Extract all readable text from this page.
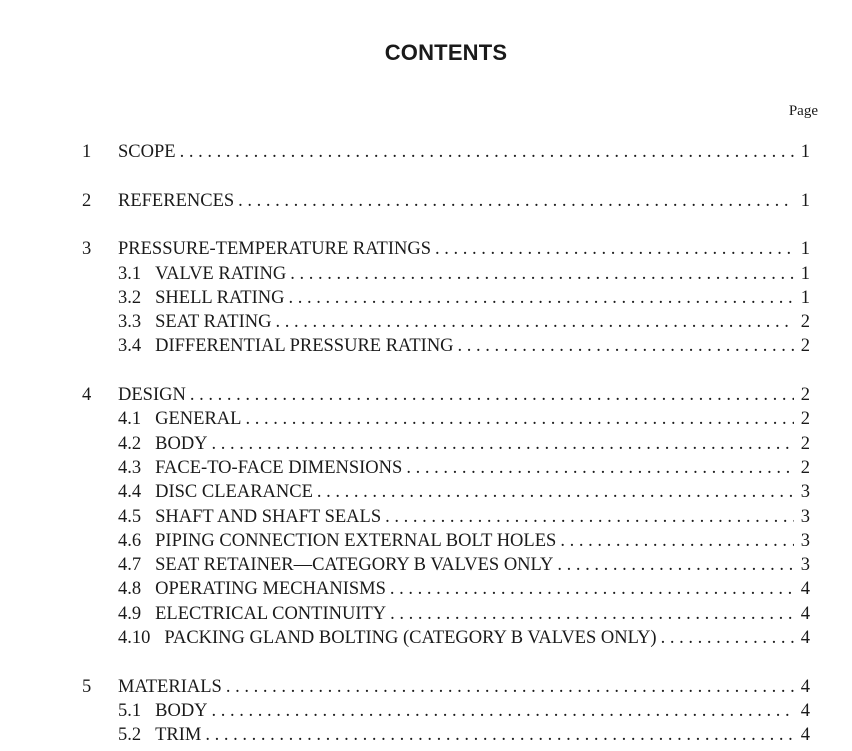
CONTENTS
Page
1 SCOPE . . .	1
2 REFERENCES . . .	1
3 PRESSURE-TEMPERATURE RATINGS . . .	1
3.1 VALVE RATING . . .	1
3.2 SHELL RATING . . .	1
3.3 SEAT RATING . . .	2
3.4 DIFFERENTIAL PRESSURE RATING . . .	2
4 DESIGN . . .	2
4.1 GENERAL . . .	2
4.2 BODY . . .	2
4.3 FACE-TO-FACE DIMENSIONS . . .	2
4.4 DISC CLEARANCE . . .	3
4.5 SHAFT AND SHAFT SEALS . . .	3
4.6 PIPING CONNECTION EXTERNAL BOLT HOLES . . .	3
4.7 SEAT RETAINER—CATEGORY B VALVES ONLY . . .	3
4.8 OPERATING MECHANISMS . . .	4
4.9 ELECTRICAL CONTINUITY . . .	4
4.10 PACKING GLAND BOLTING (CATEGORY B VALVES ONLY) . . .	4
5 MATERIALS . . .	4
5.1 BODY . . .	4
5.2 TRIM . . .	4
